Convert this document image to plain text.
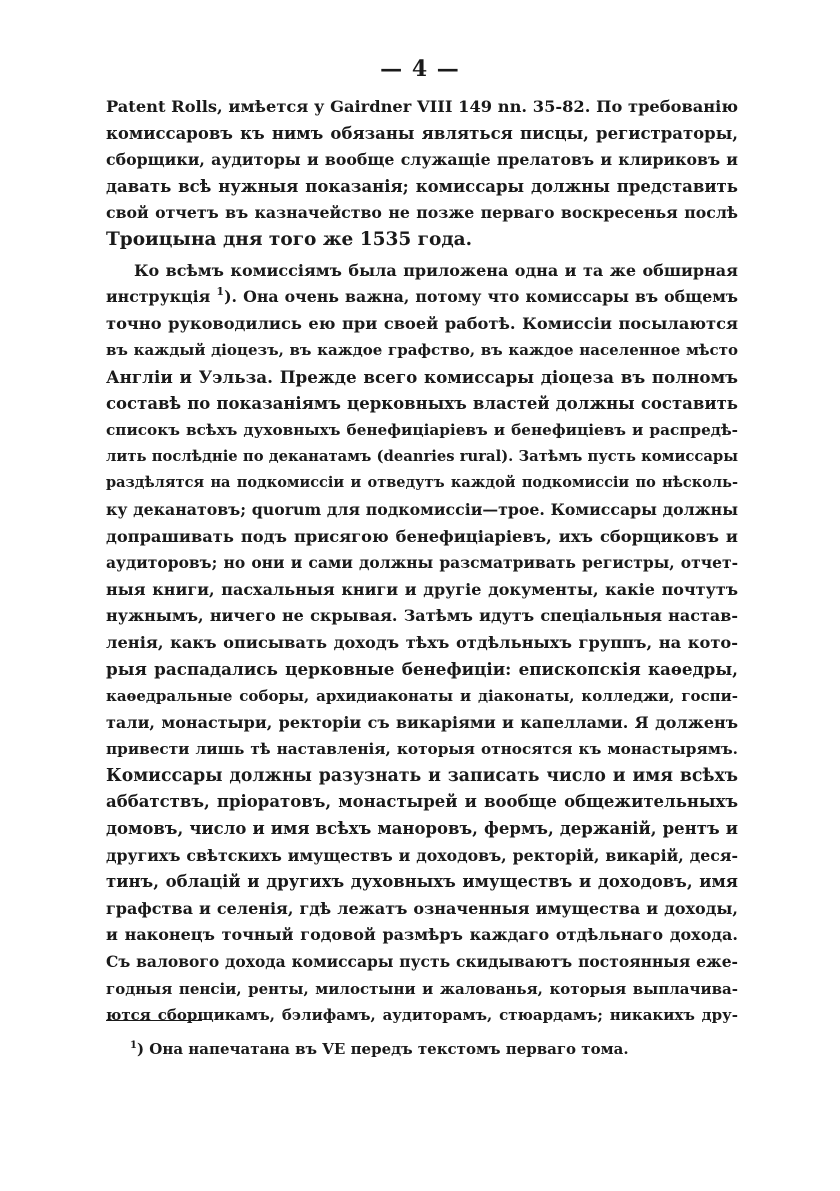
— 4 —
Patent Rolls, имѣется у Gairdner VIII 149 nn. 35-82. По требованію
комиссаровъ къ нимъ обязаны являться писцы, регистраторы,
сборщики, аудиторы и вообще служащіе прелатовъ и клириковъ и
давать всѣ нужныя показанія; комиссары должны представить
свой отчетъ въ казначейство не позже перваго воскресенья послѣ
Троицына дня того же 1535 года.
Ко всѣмъ комиссіямъ была приложена одна и та же обширная
инструкція $^1$). Она очень важна, потому что комиссары въ общемъ
точно руководились ею при своей работѣ. Комиссіи посылаются
въ каждый діоцезъ, въ каждое графство, въ каждое населенное мѣсто
Англіи и Уэльза. Прежде всего комиссары діоцеза въ полномъ
составѣ по показаніямъ церковныхъ властей должны составить
списокъ всѣхъ духовныхъ бенефиціаріевъ и бенефиціевъ и распредѣ-
лить послѣдніе по деканатамъ (deanries rural). Затѣмъ пусть комиссары
раздѣлятся на подкомиссіи и отведутъ каждой подкомиссіи по нѣсколь-
ку деканатовъ; quorum для подкомиссіи—трое. Комиссары должны
допрашивать подъ присягою бенефиціаріевъ, ихъ сборщиковъ и
аудиторовъ; но они и сами должны разсматривать регистры, отчет-
ныя книги, пасхальныя книги и другіе документы, какіе почтутъ
нужнымъ, ничего не скрывая. Затѣмъ идутъ спеціальныя настав-
ленія, какъ описывать доходъ тѣхъ отдѣльныхъ группъ, на кото-
рыя распадались церковные бенефиціи: епископскія каѳедры,
каѳедральные соборы, архидиаконаты и діаконаты, колледжи, госпи-
тали, монастыри, ректоріи съ викаріями и капеллами. Я долженъ
привести лишь тѣ наставленія, которыя относятся къ монастырямъ.
Комиссары должны разузнать и записать число и имя всѣхъ
аббатствъ, пріоратовъ, монастырей и вообще общежительныхъ
домовъ, число и имя всѣхъ маноровъ, фермъ, держаній, рентъ и
другихъ свѣтскихъ имуществъ и доходовъ, ректорій, викарій, деся-
тинъ, облацій и другихъ духовныхъ имуществъ и доходовъ, имя
графства и селенія, гдѣ лежатъ означенныя имущества и доходы,
и наконецъ точный годовой размѣръ каждаго отдѣльнаго дохода.
Съ валового дохода комиссары пусть скидываютъ постоянныя еже-
годныя пенсіи, ренты, милостыни и жалованья, которыя выплачива-
ются сборщикамъ, бэлифамъ, аудиторамъ, стюардамъ; никакихъ дру-
$^1$) Она напечатана въ VE передъ текстомъ перваго тома.
